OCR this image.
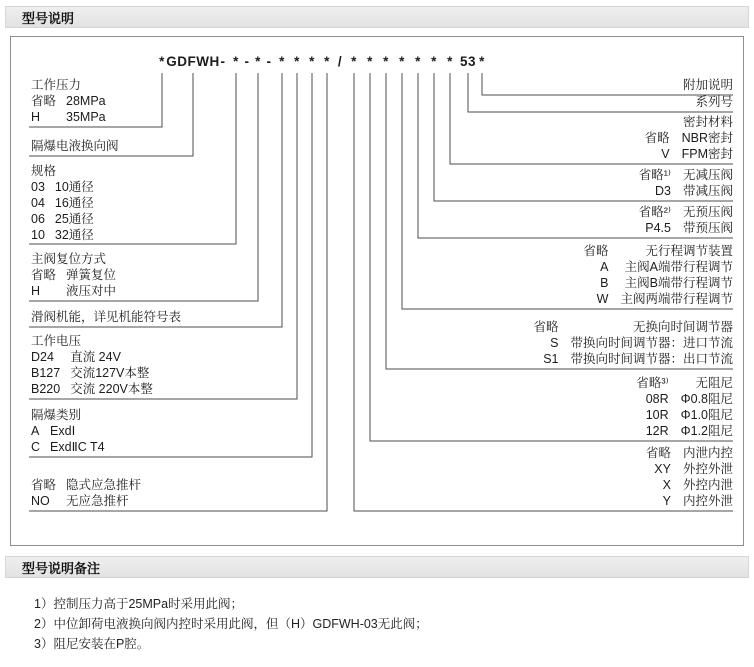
型号说明
* GDFWH - * - * - * * * * / * * * * * * * 53 *
工作压力
省略 28MPa
H	35MPa
隔爆电液换向阀
规格
03 10通径
04 16通径
06 25通径
10 32通径
主阀复位方式
省略 弹簧复位
H	液压对中
滑阀机能，详见机能符号表
工作电压
D24	直流 24V
B127 交流127V本整
B220 交流 220V本整
隔爆类别
A ExdⅠ
C ExdⅡC T4
省略 隐式应急推杆
NO	无应急推杆
附加说明
系列号
密封材料
省略 NBR密封
V FPM密封
省略¹⁾ 无减压阀
D3 带减压阀
省略²⁾ 无预压阀
P4.5 带预压阀
省略	无行程调节装置
A	主阀A端带行程调节
B	主阀B端带行程调节
W 主阀两端带行程调节
省略	无换向时间调节器
S 带换向时间调节器：进口节流
S1 带换向时间调节器：出口节流
省略³⁾	无阻尼
08R Φ0.8阻尼
10R Φ1.0阻尼
12R Φ1.2阻尼
省略 内泄内控
XY 外控外泄
X 外控内泄
Y 内控外泄
型号说明备注
1）控制压力高于25MPa时采用此阀；
2）中位卸荷电液换向阀内控时采用此阀，但（H）GDFWH-03无此阀；
3）阻尼安装在P腔。
